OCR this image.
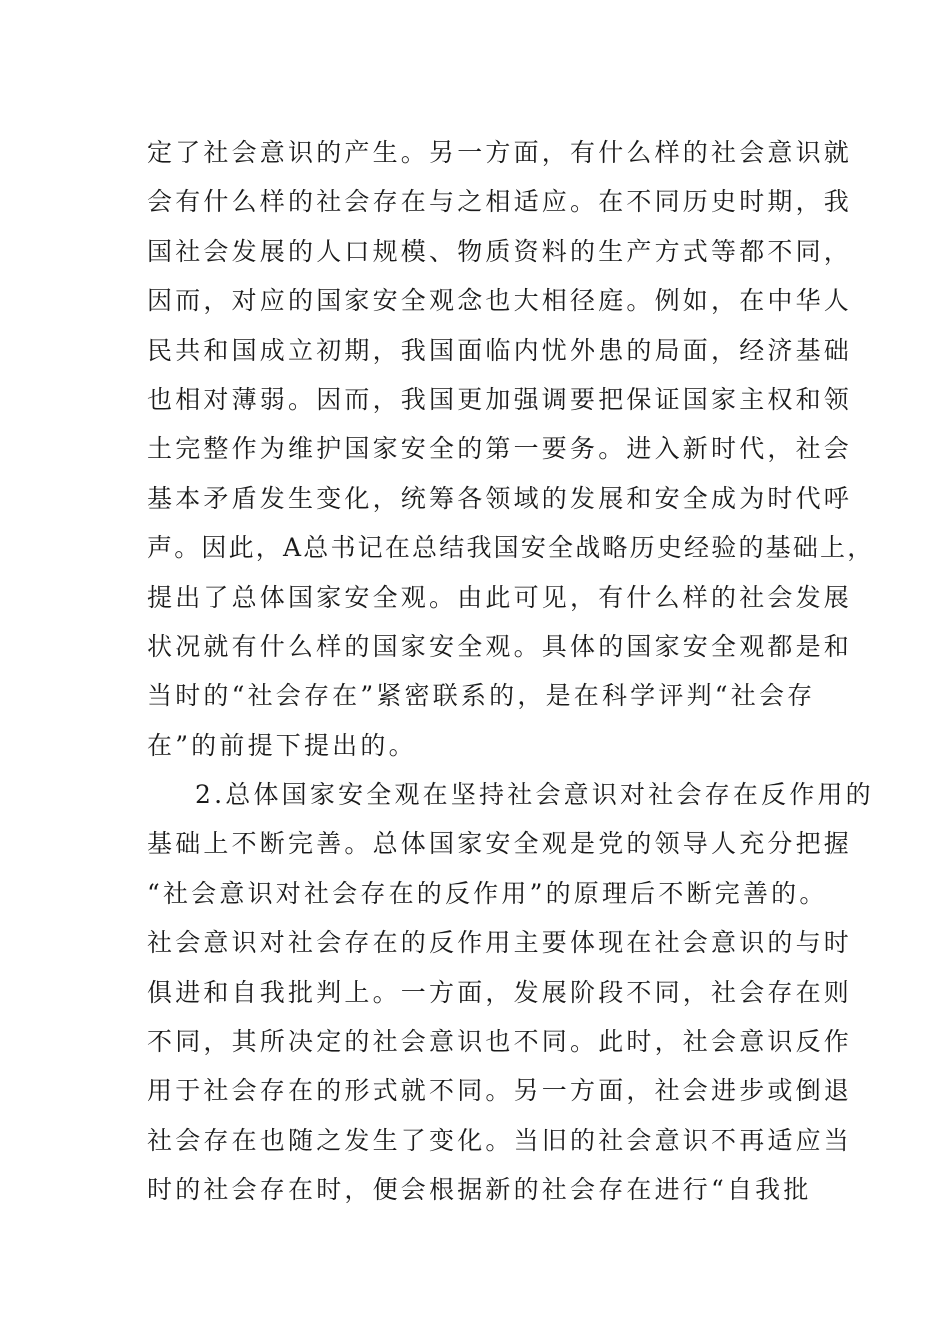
定了社会意识的产生。另一方面，有什么样的社会意识就
会有什么样的社会存在与之相适应。在不同历史时期，我
国社会发展的人口规模、物质资料的生产方式等都不同，
因而，对应的国家安全观念也大相径庭。例如，在中华人
民共和国成立初期，我国面临内忧外患的局面，经济基础
也相对薄弱。因而，我国更加强调要把保证国家主权和领
土完整作为维护国家安全的第一要务。进入新时代，社会
基本矛盾发生变化，统筹各领域的发展和安全成为时代呼
声。因此，A总书记在总结我国安全战略历史经验的基础上，
提出了总体国家安全观。由此可见，有什么样的社会发展
状况就有什么样的国家安全观。具体的国家安全观都是和
当时的“社会存在”紧密联系的，是在科学评判“社会存
在”的前提下提出的。
2.总体国家安全观在坚持社会意识对社会存在反作用的
基础上不断完善。总体国家安全观是党的领导人充分把握
“社会意识对社会存在的反作用”的原理后不断完善的。
社会意识对社会存在的反作用主要体现在社会意识的与时
俱进和自我批判上。一方面，发展阶段不同，社会存在则
不同，其所决定的社会意识也不同。此时，社会意识反作
用于社会存在的形式就不同。另一方面，社会进步或倒退
社会存在也随之发生了变化。当旧的社会意识不再适应当
时的社会存在时，便会根据新的社会存在进行“自我批
